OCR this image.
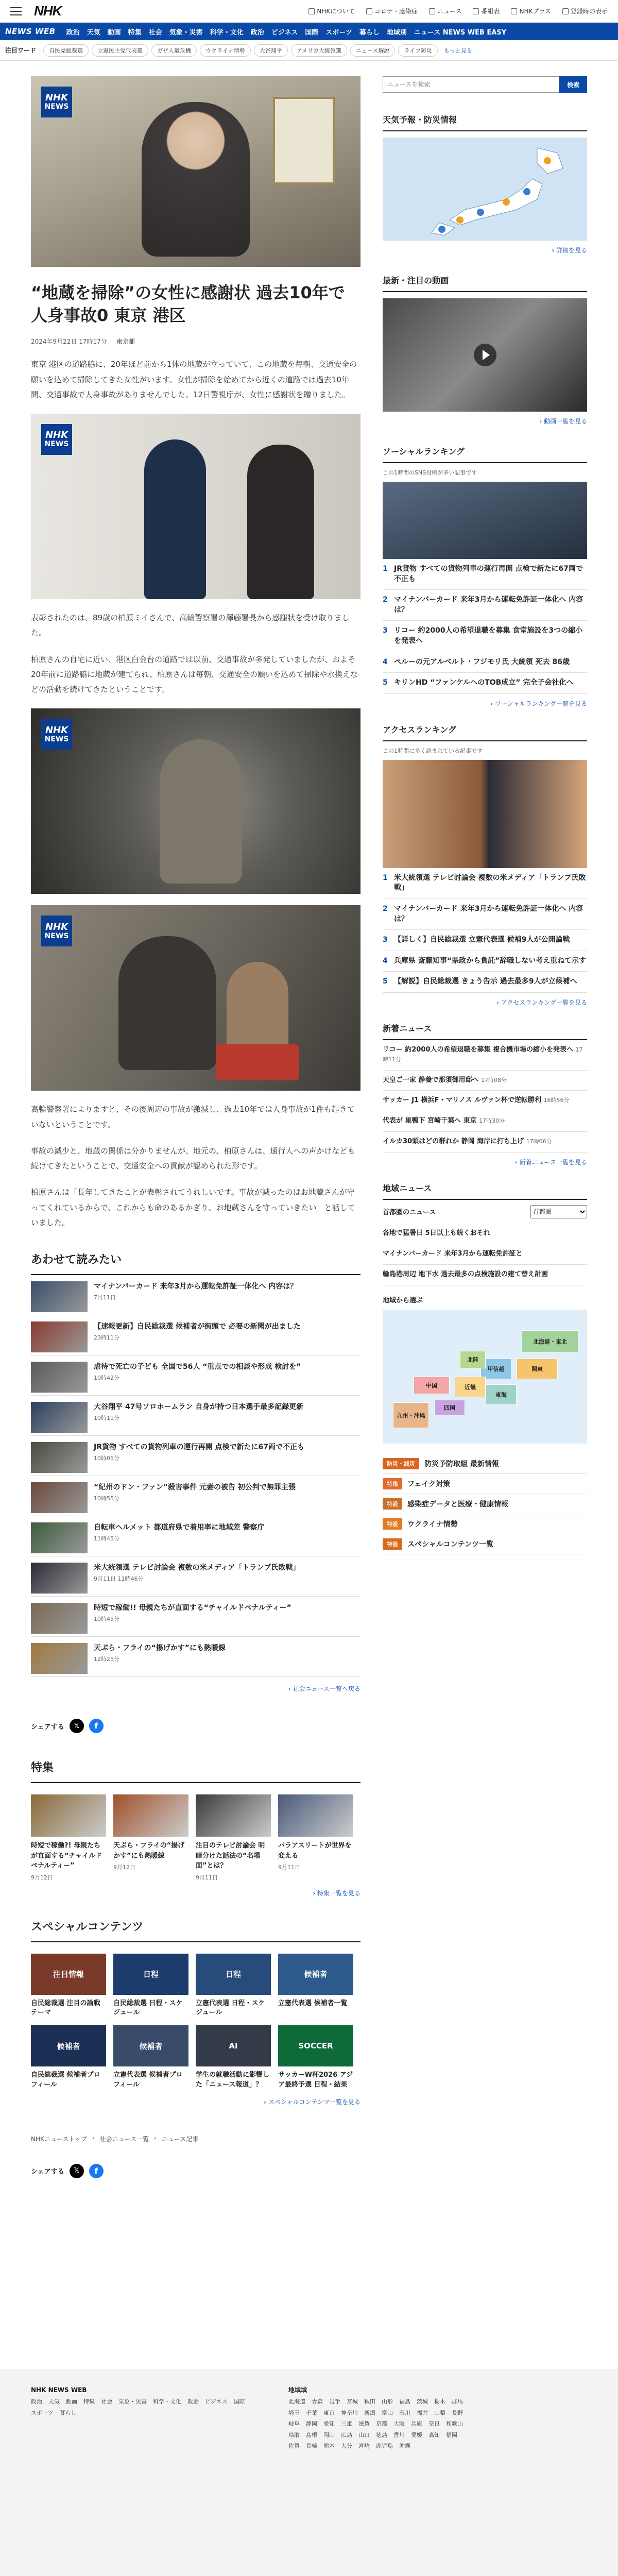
NHK	NHKについて	コロナ・感染症	ニュース	番組表	NHKプラス	登録時の表示
NEWS WEB 政治 天気 動画 特集 社会 気象・災害 科学・文化 政治 ビジネス 国際 スポーツ 暮らし 地域別 ニュース NEWS WEB EASY
注目ワード	自民党総裁選	立憲民主党代表選	ガザ人道危機	ウクライナ情勢	大谷翔平	アメリカ大統領選	ニュース解説	ライフ防災	もっと見る
NHK
NEWS
“地蔵を掃除”の女性に感謝状 過去10年で人身事故0 東京 港区
2024年9月22日 17時17分 東京都

東京 港区の道路脇に、20年ほど前から1体の地蔵が立っていて、この地蔵を毎朝、交通安全の願いを込めて掃除してきた女性がいます。女性が掃除を始めてから近くの道路では過去10年間、交通事故で人身事故がありませんでした。12日警視庁が、女性に感謝状を贈りました。

NHK
NEWS

表彰されたのは、89歳の柏原ミイさんで、高輪警察署の澤藤署長から感謝状を受け取りました。

柏原さんの自宅に近い、港区白金台の道路では以前、交通事故が多発していましたが、およそ20年前に道路脇に地蔵が建てられ、柏原さんは毎朝、交通安全の願いを込めて掃除や水換えなどの活動を続けてきたということです。

NHK
NEWS
NHK
NEWS

高輪警察署によりますと、その後周辺の事故が激減し、過去10年では人身事故が1件も起きていないということです。

事故の減少と、地蔵の関係は分かりませんが、地元の、柏原さんは、通行人への声かけなども続けてきたということで、交通安全への貢献が認められた形です。

柏原さんは「長年してきたことが表彰されてうれしいです。事故が減ったのはお地蔵さんが守ってくれているからで、これからも命のあるかぎり、お地蔵さんを守っていきたい」と話していました。

あわせて読みたい
マイナンバーカード 来年3月から運転免許証一体化へ 内容は？
7月11日
【速報更新】自民総裁選 候補者が街頭で 必要の新聞が出ました
23時11分
虐待で死亡の子ども 全国で56人 “重点での相談や形成 検討を”
10時42分
大谷翔平 47号ソロホームラン 自身が持つ日本選手最多記録更新
10時11分
JR貨物 すべての貨物列車の運行再開 点検で新たに67両で不正も
10時05分
“紀州のドン・ファン”殺害事件 元妻の被告 初公判で無罪主張
10時55分
自転車ヘルメット 都道府県で着用率に地域差 警察庁
11時45分
米大統領選 テレビ討論会 複数の米メディア「トランプ氏敗戦」
9月11日 11時46分
時短で稼働!! 母親たちが直面する“チャイルドペナルティー”
10時45分
天ぷら・フライの“揚げかす”にも熱暖線
12時25分
› 社会ニュース一覧へ戻る
シェアする	𝕏	f
特集
時短で稼働?! 母親たちが直面する“チャイルドペナルティー”
9月12日
天ぷら・フライの“揚げかす”にも熱暖線
9月12日
注目のテレビ討論会 明暗分けた話法の“名場面”とは？
9月11日
パラアスリートが世界を変える
9月11日
› 特集一覧を見る
スペシャルコンテンツ
注目情報
自民総裁選 注目の論戦テーマ
日程
自民総裁選 日程・スケジュール
日程
立憲代表選 日程・スケジュール
候補者
立憲代表選 候補者一覧
候補者
自民総裁選 候補者プロフィール
候補者
立憲代表選 候補者プロフィール
AI
学生の就職活動に影響した「ニュース報道」？
SOCCER
サッカーW杯2026 アジア最終予選 日程・結果
› スペシャルコンテンツ一覧を見る
NHKニューストップ › 社会ニュース一覧 › ニュース記事
シェアする	𝕏	f
ニュースを検索
検索
天気予報・防災情報
› 詳細を見る
最新・注目の動画
› 動画一覧を見る
ソーシャルランキング
この1時間のSNS投稿が多い記事です
1 JR貨物 すべての貨物列車の運行再開 点検で新たに67両で不正も
2 マイナンバーカード 来年3月から運転免許証一体化へ 内容は？
3 リコー 約2000人の希望退職を募集 食堂施設を3つの縮小を発表へ
4 ペルーの元アルベルト・フジモリ氏 大統領 死去 86歳
5 キリンHD “ファンケルへのTOB成立” 完全子会社化へ
› ソーシャルランキング一覧を見る
アクセスランキング
この1時間に多く読まれている記事です
1 米大統領選 テレビ討論会 複数の米メディア「トランプ氏敗戦」
2 マイナンバーカード 来年3月から運転免許証一体化へ 内容は？
3 【詳しく】自民総裁選 立憲代表選 候補9人が公開論戦
4 兵庫県 斎藤知事“県政から負託”辞職しない考え重ねて示す
5 【解説】自民総裁選 きょう告示 過去最多9人が立候補へ
› アクセスランキング一覧を見る
新着ニュース
リコー 約2000人の希望退職を募集 複合機市場の縮小を発表へ 17時11分
天皇ご一家 静養で那須御用邸へ 17時08分
サッカー J1 横浜F・マリノス ルヴァン杯で逆転勝利 16時56分
代表が 巣鴨下 宮崎千葉へ 東京 17時30分
イルカ30頭はどの群れか 静岡 海岸に打ち上げ 17時06分
› 新着ニュース一覧を見る
地域ニュース
首都圏のニュース
首都圏
各地で猛暑日 5日以上も続くおそれ
マイナンバーカード 来年3月から運転免許証と
輪島港周辺 地下水 過去最多の点検施設の建て替え計画
地域から選ぶ
北海道・東北
関東
甲信越
中国
四国
近畿
東海
九州・沖縄
北陸
防災・減災	防災予防取組 最新情報
特集	フェイク対策
特設	感染症データと医療・健康情報
特設	ウクライナ情勢
特設	スペシャルコンテンツ一覧
NHK NEWS WEB
政治 天気 動画 特集 社会 気象・災害 科学・文化 政治 ビジネス 国際
スポーツ 暮らし
地域域
北海道 青森 岩手 宮城 秋田 山形 福島 茨城 栃木 群馬
埼玉 千葉 東京 神奈川 新潟 富山 石川 福井 山梨 長野
岐阜 静岡 愛知 三重 滋賀 京都 大阪 兵庫 奈良 和歌山
鳥取 島根 岡山 広島 山口 徳島 香川 愛媛 高知 福岡
佐賀 長崎 熊本 大分 宮崎 鹿児島 沖縄
